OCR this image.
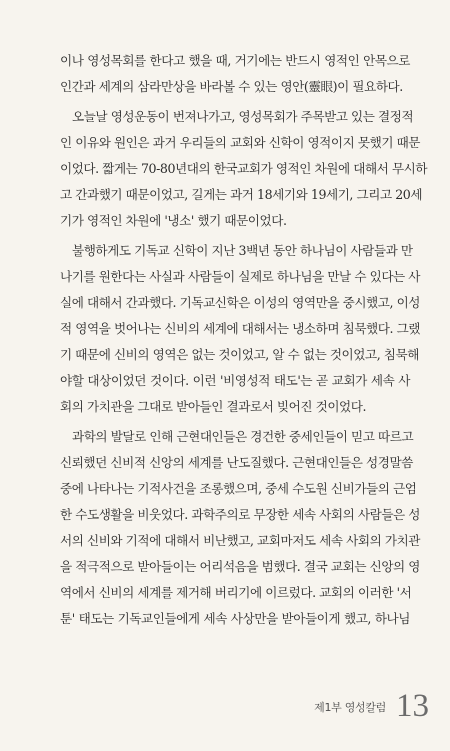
이나 영성목회를 한다고 했을 때, 거기에는 반드시 영적인 안목으로
인간과 세계의 삼라만상을 바라볼 수 있는 영안(靈眼)이 필요하다.
오늘날 영성운동이 번져나가고, 영성목회가 주목받고 있는 결정적
인 이유와 원인은 과거 우리들의 교회와 신학이 영적이지 못했기 때문
이었다. 짧게는 70-80년대의 한국교회가 영적인 차원에 대해서 무시하
고 간과했기 때문이었고, 길게는 과거 18세기와 19세기, 그리고 20세
기가 영적인 차원에 '냉소' 했기 때문이었다.
불행하게도 기독교 신학이 지난 3백년 동안 하나님이 사람들과 만
나기를 원한다는 사실과 사람들이 실제로 하나님을 만날 수 있다는 사
실에 대해서 간과했다. 기독교신학은 이성의 영역만을 중시했고, 이성
적 영역을 벗어나는 신비의 세계에 대해서는 냉소하며 침묵했다. 그랬
기 때문에 신비의 영역은 없는 것이었고, 알 수 없는 것이었고, 침묵해
야할 대상이었던 것이다. 이런 '비영성적 태도'는 곧 교회가 세속 사
회의 가치관을 그대로 받아들인 결과로서 빚어진 것이었다.
과학의 발달로 인해 근현대인들은 경건한 중세인들이 믿고 따르고
신뢰했던 신비적 신앙의 세계를 난도질했다. 근현대인들은 성경말씀
중에 나타나는 기적사건을 조롱했으며, 중세 수도원 신비가들의 근엄
한 수도생활을 비웃었다. 과학주의로 무장한 세속 사회의 사람들은 성
서의 신비와 기적에 대해서 비난했고, 교회마저도 세속 사회의 가치관
을 적극적으로 받아들이는 어리석음을 범했다. 결국 교회는 신앙의 영
역에서 신비의 세계를 제거해 버리기에 이르렀다. 교회의 이러한 '서
툰' 태도는 기독교인들에게 세속 사상만을 받아들이게 했고, 하나님
제1부 영성칼럼 13
